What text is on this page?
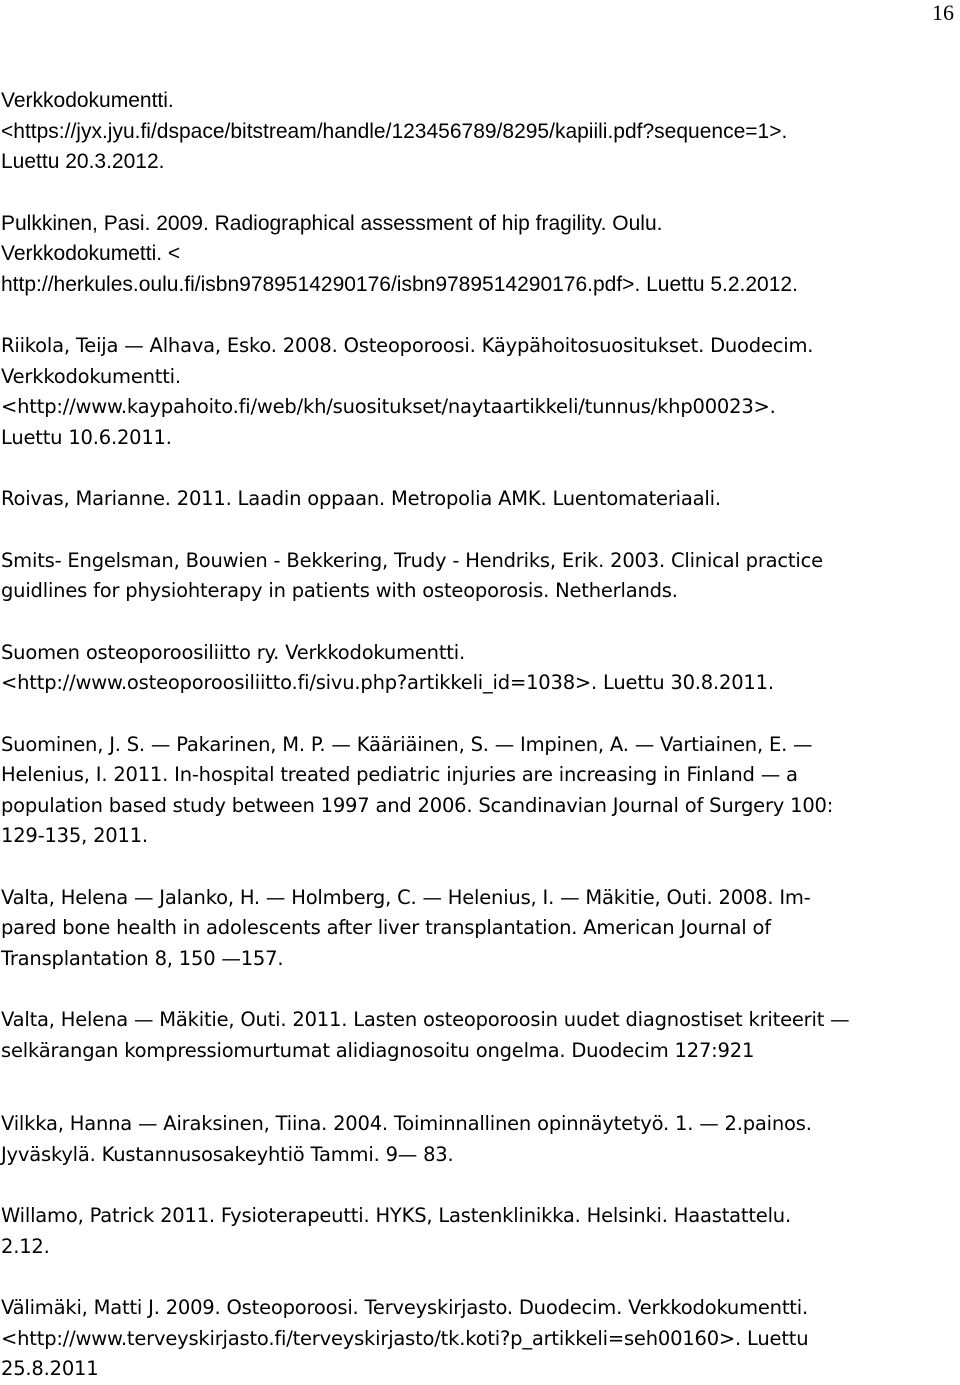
16
Verkkodokumentti.
<https://jyx.jyu.fi/dspace/bitstream/handle/123456789/8295/kapiili.pdf?sequence=1>.
Luettu 20.3.2012.
Pulkkinen, Pasi. 2009. Radiographical assessment of hip fragility. Oulu.
Verkkodokumetti. <
http://herkules.oulu.fi/isbn9789514290176/isbn9789514290176.pdf>. Luettu 5.2.2012.
Riikola, Teija — Alhava, Esko. 2008. Osteoporoosi. Käypähoitosuositukset. Duodecim.
Verkkodokumentti.
<http://www.kaypahoito.fi/web/kh/suositukset/naytaartikkeli/tunnus/khp00023>.
Luettu 10.6.2011.
Roivas, Marianne. 2011. Laadin oppaan. Metropolia AMK. Luentomateriaali.
Smits- Engelsman, Bouwien - Bekkering, Trudy - Hendriks, Erik. 2003. Clinical practice
guidlines for physiohterapy in patients with osteoporosis. Netherlands.
Suomen osteoporoosiliitto ry. Verkkodokumentti.
<http://www.osteoporoosiliitto.fi/sivu.php?artikkeli_id=1038>. Luettu 30.8.2011.
Suominen, J. S. — Pakarinen, M. P. — Kääriäinen, S. — Impinen, A. — Vartiainen, E. —
Helenius, I. 2011. In-hospital treated pediatric injuries are increasing in Finland — a
population based study between 1997 and 2006. Scandinavian Journal of Surgery 100:
129-135, 2011.
Valta, Helena — Jalanko, H. — Holmberg, C. — Helenius, I. — Mäkitie, Outi. 2008. Im-
pared bone health in adolescents after liver transplantation. American Journal of
Transplantation 8, 150 —157.
Valta, Helena — Mäkitie, Outi. 2011. Lasten osteoporoosin uudet diagnostiset kriteerit —
selkärangan kompressiomurtumat alidiagnosoitu ongelma. Duodecim 127:921
Vilkka, Hanna — Airaksinen, Tiina. 2004. Toiminnallinen opinnäytetyö. 1. — 2.painos.
Jyväskylä. Kustannusosakeyhtiö Tammi. 9— 83.
Willamo, Patrick 2011. Fysioterapeutti. HYKS, Lastenklinikka. Helsinki. Haastattelu.
2.12.
Välimäki, Matti J. 2009. Osteoporoosi. Terveyskirjasto. Duodecim. Verkkodokumentti.
<http://www.terveyskirjasto.fi/terveyskirjasto/tk.koti?p_artikkeli=seh00160>. Luettu
25.8.2011
